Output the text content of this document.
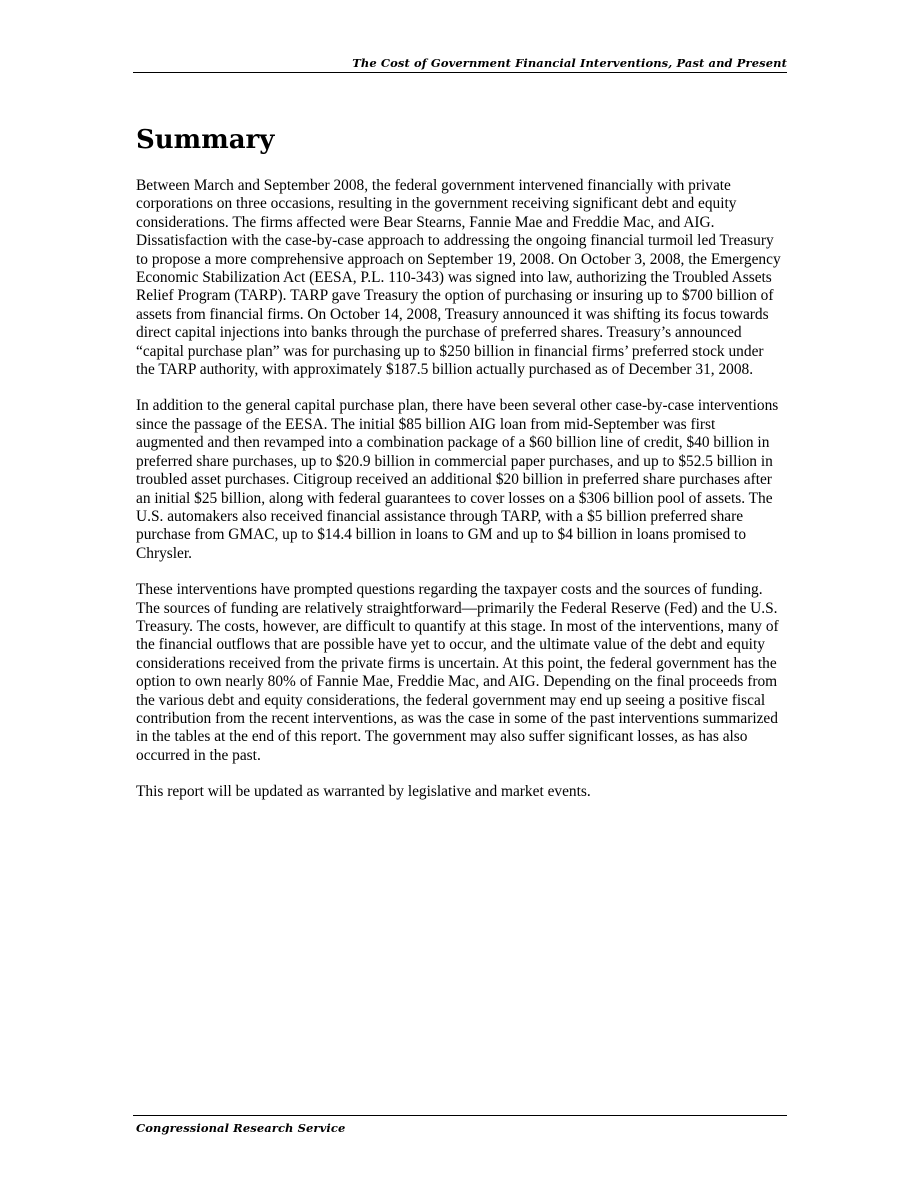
The Cost of Government Financial Interventions, Past and Present
Summary

Between March and September 2008, the federal government intervened financially with private corporations on three occasions, resulting in the government receiving significant debt and equity considerations. The firms affected were Bear Stearns, Fannie Mae and Freddie Mac, and AIG. Dissatisfaction with the case-by-case approach to addressing the ongoing financial turmoil led Treasury to propose a more comprehensive approach on September 19, 2008. On October 3, 2008, the Emergency Economic Stabilization Act (EESA, P.L. 110-343) was signed into law, authorizing the Troubled Assets Relief Program (TARP). TARP gave Treasury the option of purchasing or insuring up to $700 billion of assets from financial firms. On October 14, 2008, Treasury announced it was shifting its focus towards direct capital injections into banks through the purchase of preferred shares. Treasury’s announced “capital purchase plan” was for purchasing up to $250 billion in financial firms’ preferred stock under the TARP authority, with approximately $187.5 billion actually purchased as of December 31, 2008.

In addition to the general capital purchase plan, there have been several other case-by-case interventions since the passage of the EESA. The initial $85 billion AIG loan from mid-September was first augmented and then revamped into a combination package of a $60 billion line of credit, $40 billion in preferred share purchases, up to $20.9 billion in commercial paper purchases, and up to $52.5 billion in troubled asset purchases. Citigroup received an additional $20 billion in preferred share purchases after an initial $25 billion, along with federal guarantees to cover losses on a $306 billion pool of assets. The U.S. automakers also received financial assistance through TARP, with a $5 billion preferred share purchase from GMAC, up to $14.4 billion in loans to GM and up to $4 billion in loans promised to Chrysler.

These interventions have prompted questions regarding the taxpayer costs and the sources of funding. The sources of funding are relatively straightforward—primarily the Federal Reserve (Fed) and the U.S. Treasury. The costs, however, are difficult to quantify at this stage. In most of the interventions, many of the financial outflows that are possible have yet to occur, and the ultimate value of the debt and equity considerations received from the private firms is uncertain. At this point, the federal government has the option to own nearly 80% of Fannie Mae, Freddie Mac, and AIG. Depending on the final proceeds from the various debt and equity considerations, the federal government may end up seeing a positive fiscal contribution from the recent interventions, as was the case in some of the past interventions summarized in the tables at the end of this report. The government may also suffer significant losses, as has also occurred in the past.

This report will be updated as warranted by legislative and market events.

Congressional Research Service
